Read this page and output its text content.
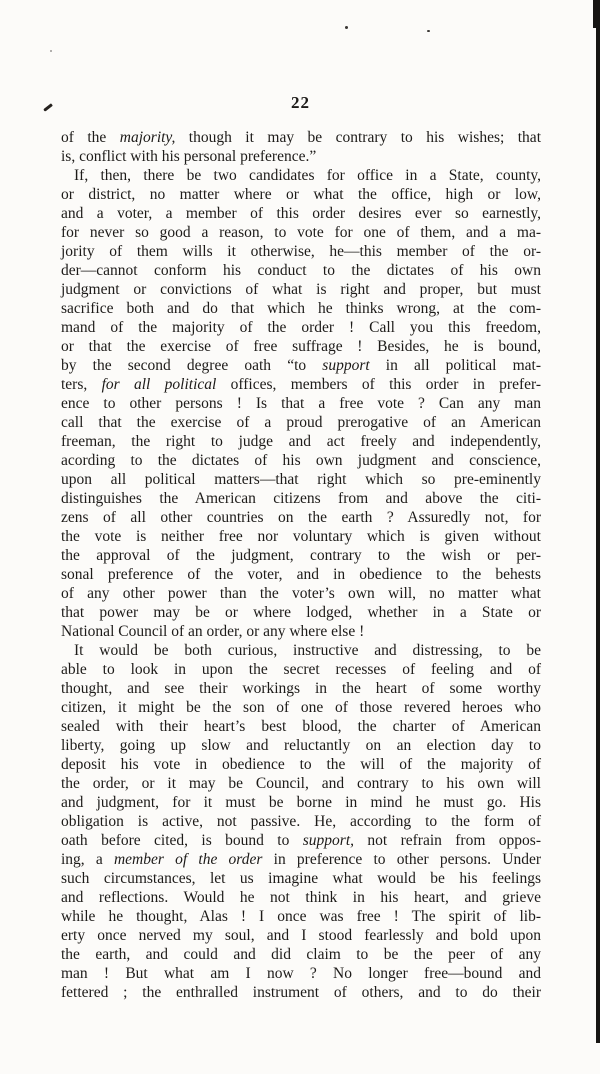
22
of the majority, though it may be contrary to his wishes; that
is, conflict with his personal preference.”
If, then, there be two candidates for office in a State, county,
or district, no matter where or what the office, high or low,
and a voter, a member of this order desires ever so earnestly,
for never so good a reason, to vote for one of them, and a ma-
jority of them wills it otherwise, he—this member of the or-
der—cannot conform his conduct to the dictates of his own
judgment or convictions of what is right and proper, but must
sacrifice both and do that which he thinks wrong, at the com-
mand of the majority of the order ! Call you this freedom,
or that the exercise of free suffrage ! Besides, he is bound,
by the second degree oath “to support in all political mat-
ters, for all political offices, members of this order in prefer-
ence to other persons ! Is that a free vote ? Can any man
call that the exercise of a proud prerogative of an American
freeman, the right to judge and act freely and independently,
acording to the dictates of his own judgment and conscience,
upon all political matters—that right which so pre-eminently
distinguishes the American citizens from and above the citi-
zens of all other countries on the earth ? Assuredly not, for
the vote is neither free nor voluntary which is given without
the approval of the judgment, contrary to the wish or per-
sonal preference of the voter, and in obedience to the behests
of any other power than the voter’s own will, no matter what
that power may be or where lodged, whether in a State or
National Council of an order, or any where else !
It would be both curious, instructive and distressing, to be
able to look in upon the secret recesses of feeling and of
thought, and see their workings in the heart of some worthy
citizen, it might be the son of one of those revered heroes who
sealed with their heart’s best blood, the charter of American
liberty, going up slow and reluctantly on an election day to
deposit his vote in obedience to the will of the majority of
the order, or it may be Council, and contrary to his own will
and judgment, for it must be borne in mind he must go. His
obligation is active, not passive. He, according to the form of
oath before cited, is bound to support, not refrain from oppos-
ing, a member of the order in preference to other persons. Under
such circumstances, let us imagine what would be his feelings
and reflections. Would he not think in his heart, and grieve
while he thought, Alas ! I once was free ! The spirit of lib-
erty once nerved my soul, and I stood fearlessly and bold upon
the earth, and could and did claim to be the peer of any
man ! But what am I now ? No longer free—bound and
fettered ; the enthralled instrument of others, and to do their
